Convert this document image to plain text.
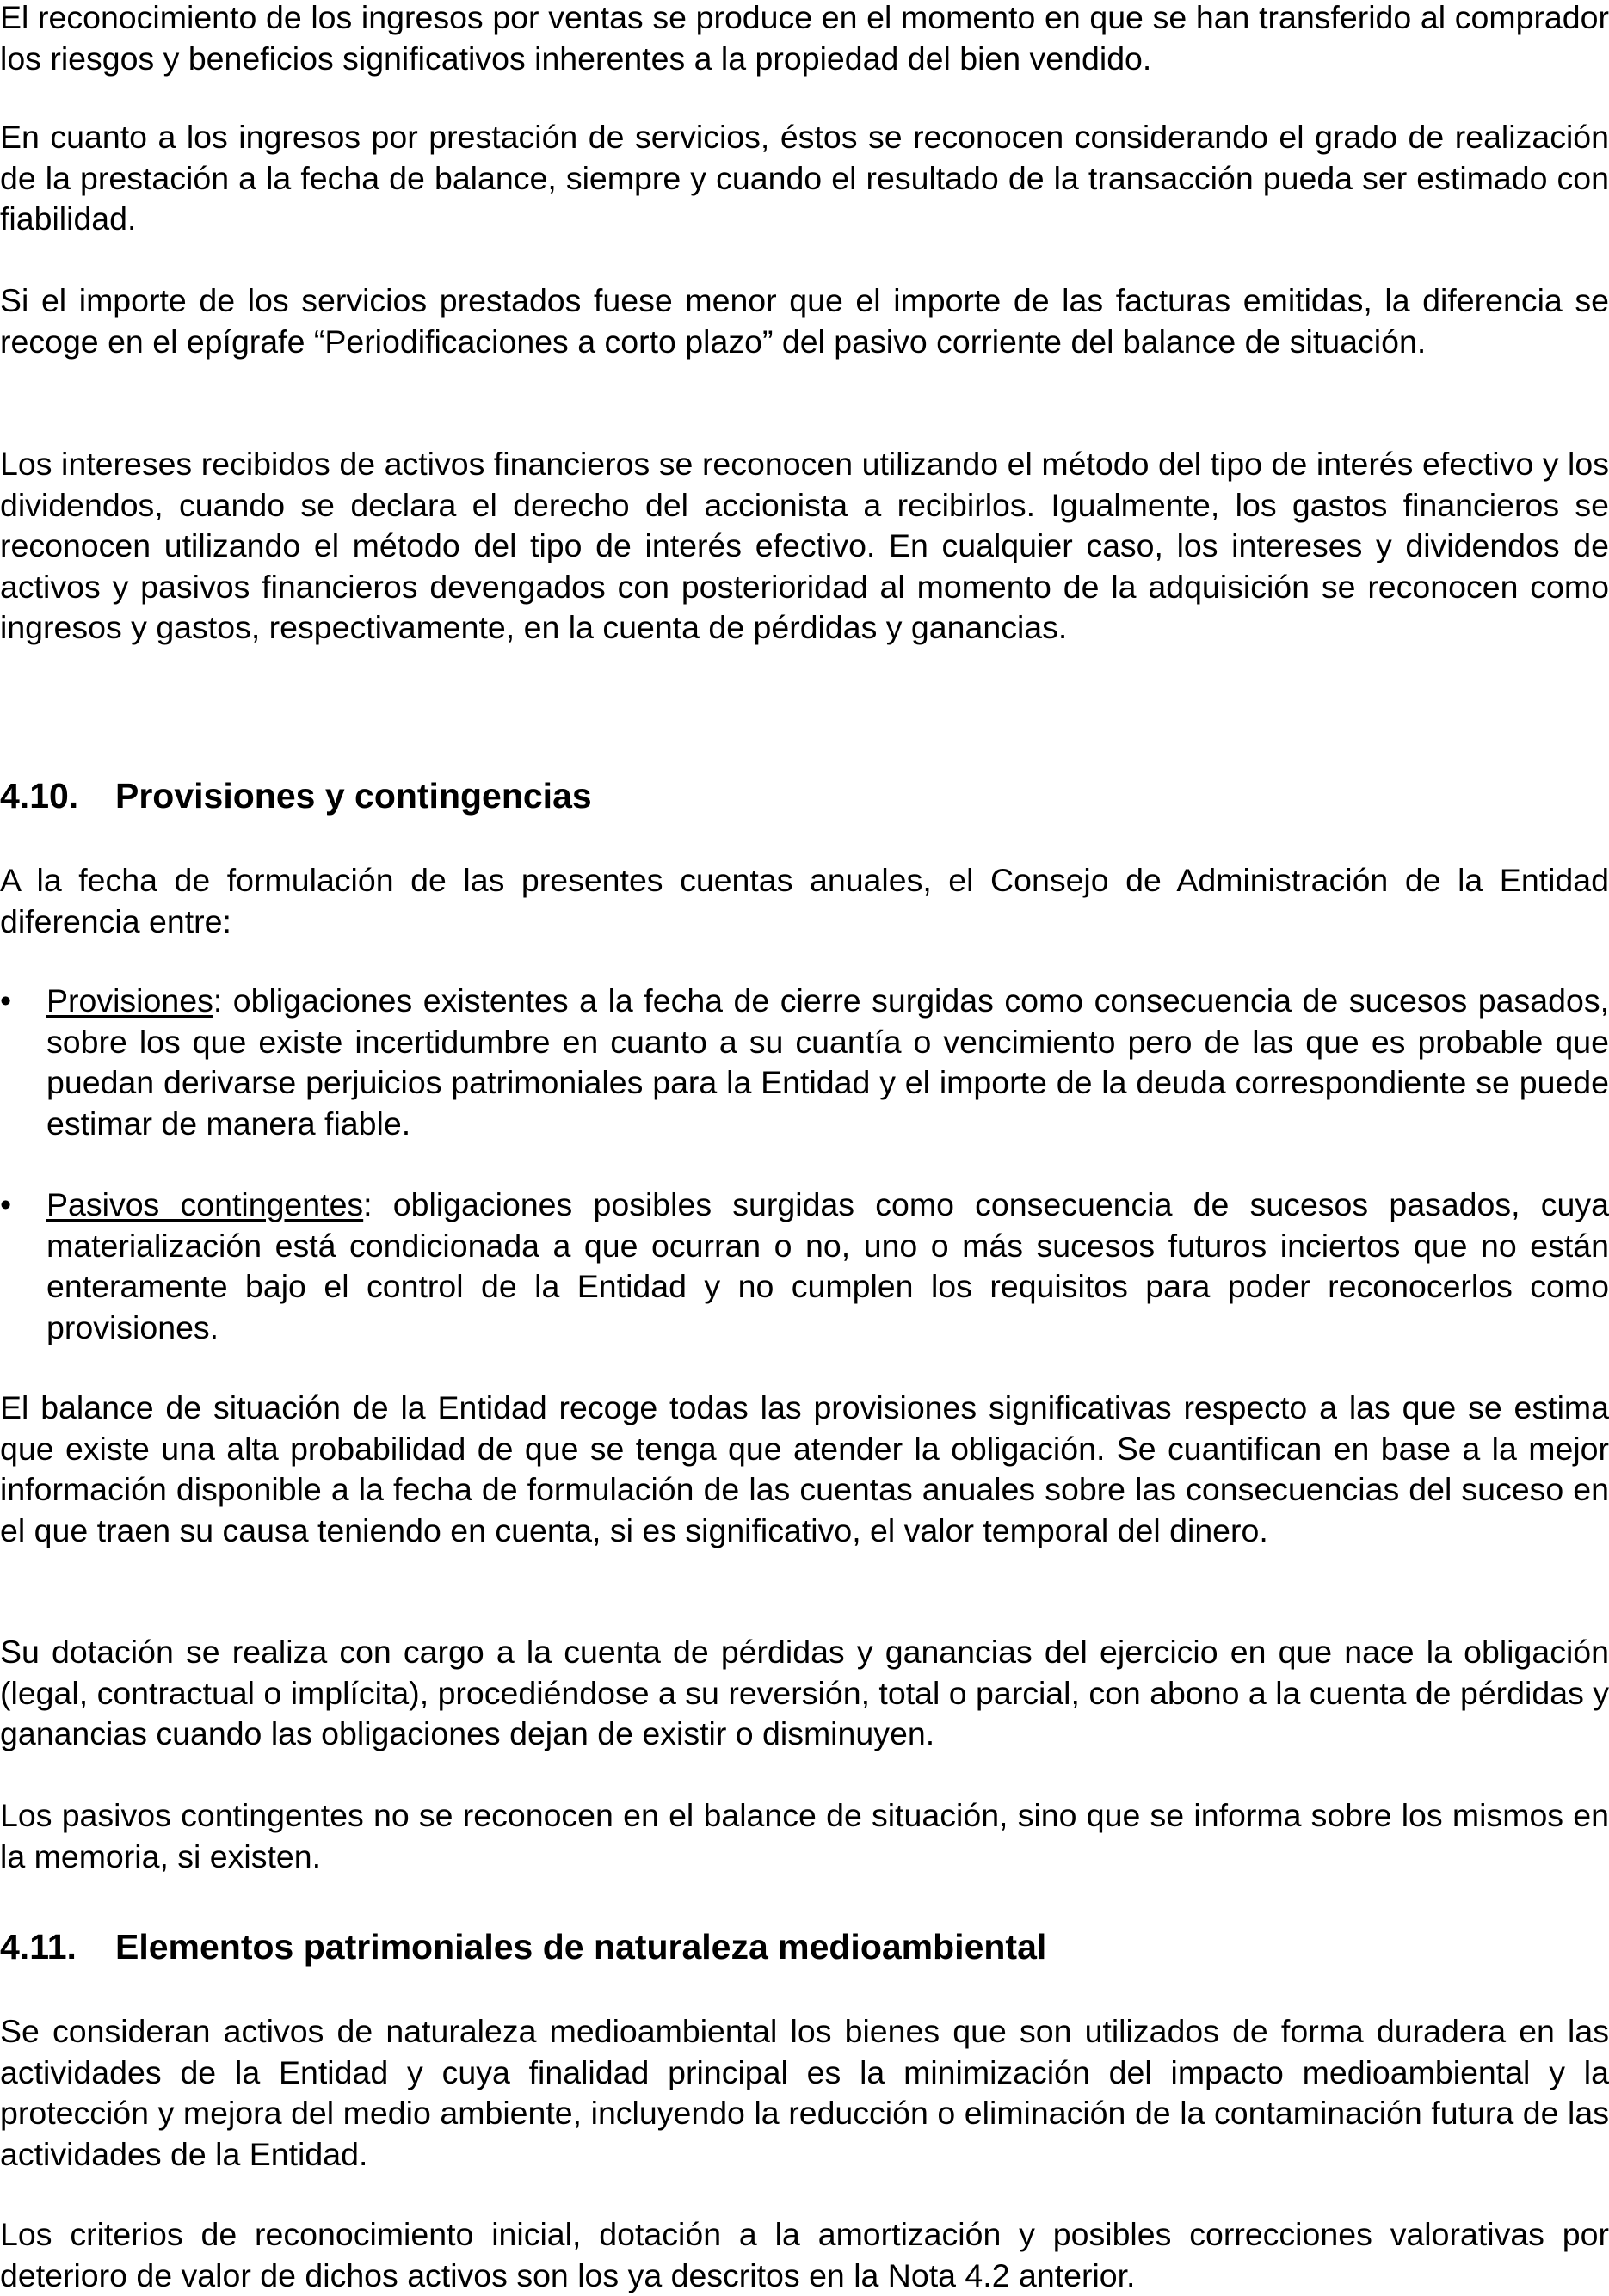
El reconocimiento de los ingresos por ventas se produce en el momento en que se han transferido al comprador los riesgos y beneficios significativos inherentes a la propiedad del bien vendido.

En cuanto a los ingresos por prestación de servicios, éstos se reconocen considerando el grado de realización de la prestación a la fecha de balance, siempre y cuando el resultado de la transacción pueda ser estimado con fiabilidad.

Si el importe de los servicios prestados fuese menor que el importe de las facturas emitidas, la diferencia se recoge en el epígrafe “Periodificaciones a corto plazo” del pasivo corriente del balance de situación.

Los intereses recibidos de activos financieros se reconocen utilizando el método del tipo de interés efectivo y los dividendos, cuando se declara el derecho del accionista a recibirlos. Igualmente, los gastos financieros se reconocen utilizando el método del tipo de interés efectivo. En cualquier caso, los intereses y dividendos de activos y pasivos financieros devengados con posterioridad al momento de la adquisición se reconocen como ingresos y gastos, respectivamente, en la cuenta de pérdidas y ganancias.

4.10. Provisiones y contingencias

A la fecha de formulación de las presentes cuentas anuales, el Consejo de Administración de la Entidad diferencia entre:

•	Provisiones: obligaciones existentes a la fecha de cierre surgidas como consecuencia de sucesos pasados, sobre los que existe incertidumbre en cuanto a su cuantía o vencimiento pero de las que es probable que puedan derivarse perjuicios patrimoniales para la Entidad y el importe de la deuda correspondiente se puede estimar de manera fiable.

•	Pasivos contingentes: obligaciones posibles surgidas como consecuencia de sucesos pasados, cuya materialización está condicionada a que ocurran o no, uno o más sucesos futuros inciertos que no están enteramente bajo el control de la Entidad y no cumplen los requisitos para poder reconocerlos como provisiones.

El balance de situación de la Entidad recoge todas las provisiones significativas respecto a las que se estima que existe una alta probabilidad de que se tenga que atender la obligación. Se cuantifican en base a la mejor información disponible a la fecha de formulación de las cuentas anuales sobre las consecuencias del suceso en el que traen su causa teniendo en cuenta, si es significativo, el valor temporal del dinero.

Su dotación se realiza con cargo a la cuenta de pérdidas y ganancias del ejercicio en que nace la obligación (legal, contractual o implícita), procediéndose a su reversión, total o parcial, con abono a la cuenta de pérdidas y ganancias cuando las obligaciones dejan de existir o disminuyen.

Los pasivos contingentes no se reconocen en el balance de situación, sino que se informa sobre los mismos en la memoria, si existen.

4.11. Elementos patrimoniales de naturaleza medioambiental

Se consideran activos de naturaleza medioambiental los bienes que son utilizados de forma duradera en las actividades de la Entidad y cuya finalidad principal es la minimización del impacto medioambiental y la protección y mejora del medio ambiente, incluyendo la reducción o eliminación de la contaminación futura de las actividades de la Entidad.

Los criterios de reconocimiento inicial, dotación a la amortización y posibles correcciones valorativas por deterioro de valor de dichos activos son los ya descritos en la Nota 4.2 anterior.
